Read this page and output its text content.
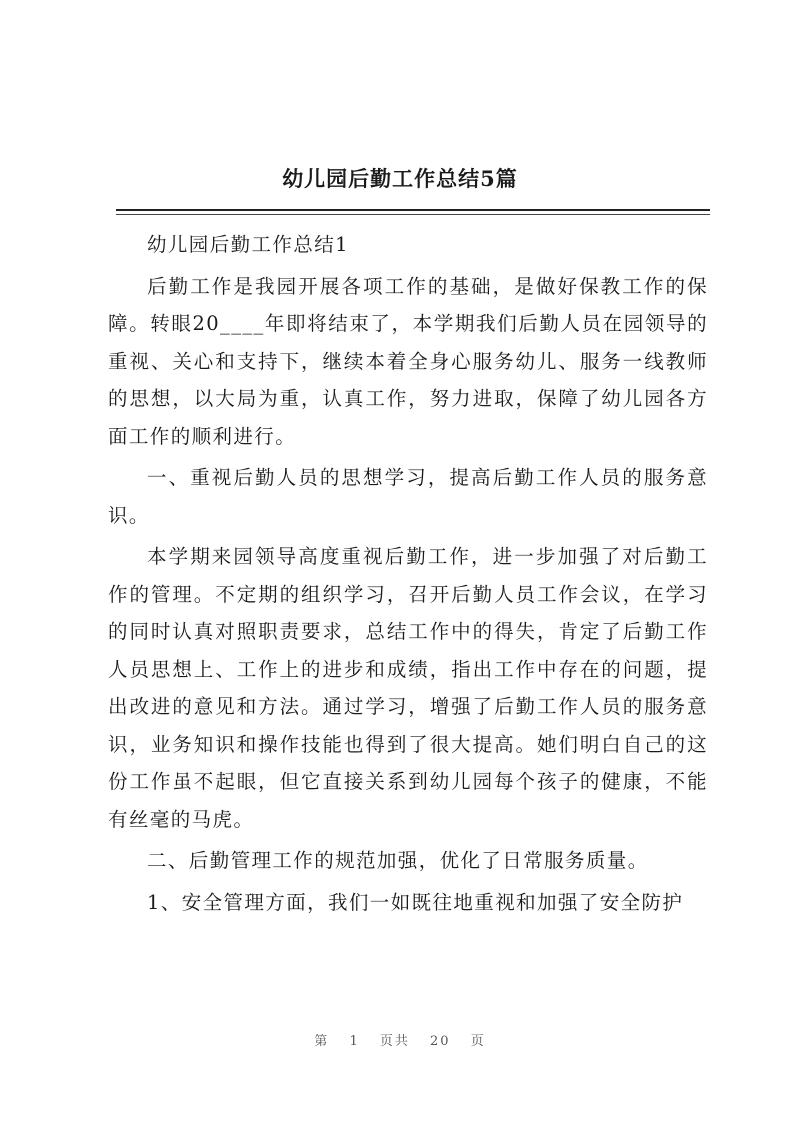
幼儿园后勤工作总结5篇

幼儿园后勤工作总结1

后勤工作是我园开展各项工作的基础，是做好保教工作的保障。转眼20____年即将结束了，本学期我们后勤人员在园领导的重视、关心和支持下，继续本着全身心服务幼儿、服务一线教师的思想，以大局为重，认真工作，努力进取，保障了幼儿园各方面工作的顺利进行。

一、重视后勤人员的思想学习，提高后勤工作人员的服务意识。

本学期来园领导高度重视后勤工作，进一步加强了对后勤工作的管理。不定期的组织学习，召开后勤人员工作会议，在学习的同时认真对照职责要求，总结工作中的得失，肯定了后勤工作人员思想上、工作上的进步和成绩，指出工作中存在的问题，提出改进的意见和方法。通过学习，增强了后勤工作人员的服务意识，业务知识和操作技能也得到了很大提高。她们明白自己的这份工作虽不起眼，但它直接关系到幼儿园每个孩子的健康，不能有丝毫的马虎。

二、后勤管理工作的规范加强，优化了日常服务质量。

1、安全管理方面，我们一如既往地重视和加强了安全防护

第 1 页共 20 页
